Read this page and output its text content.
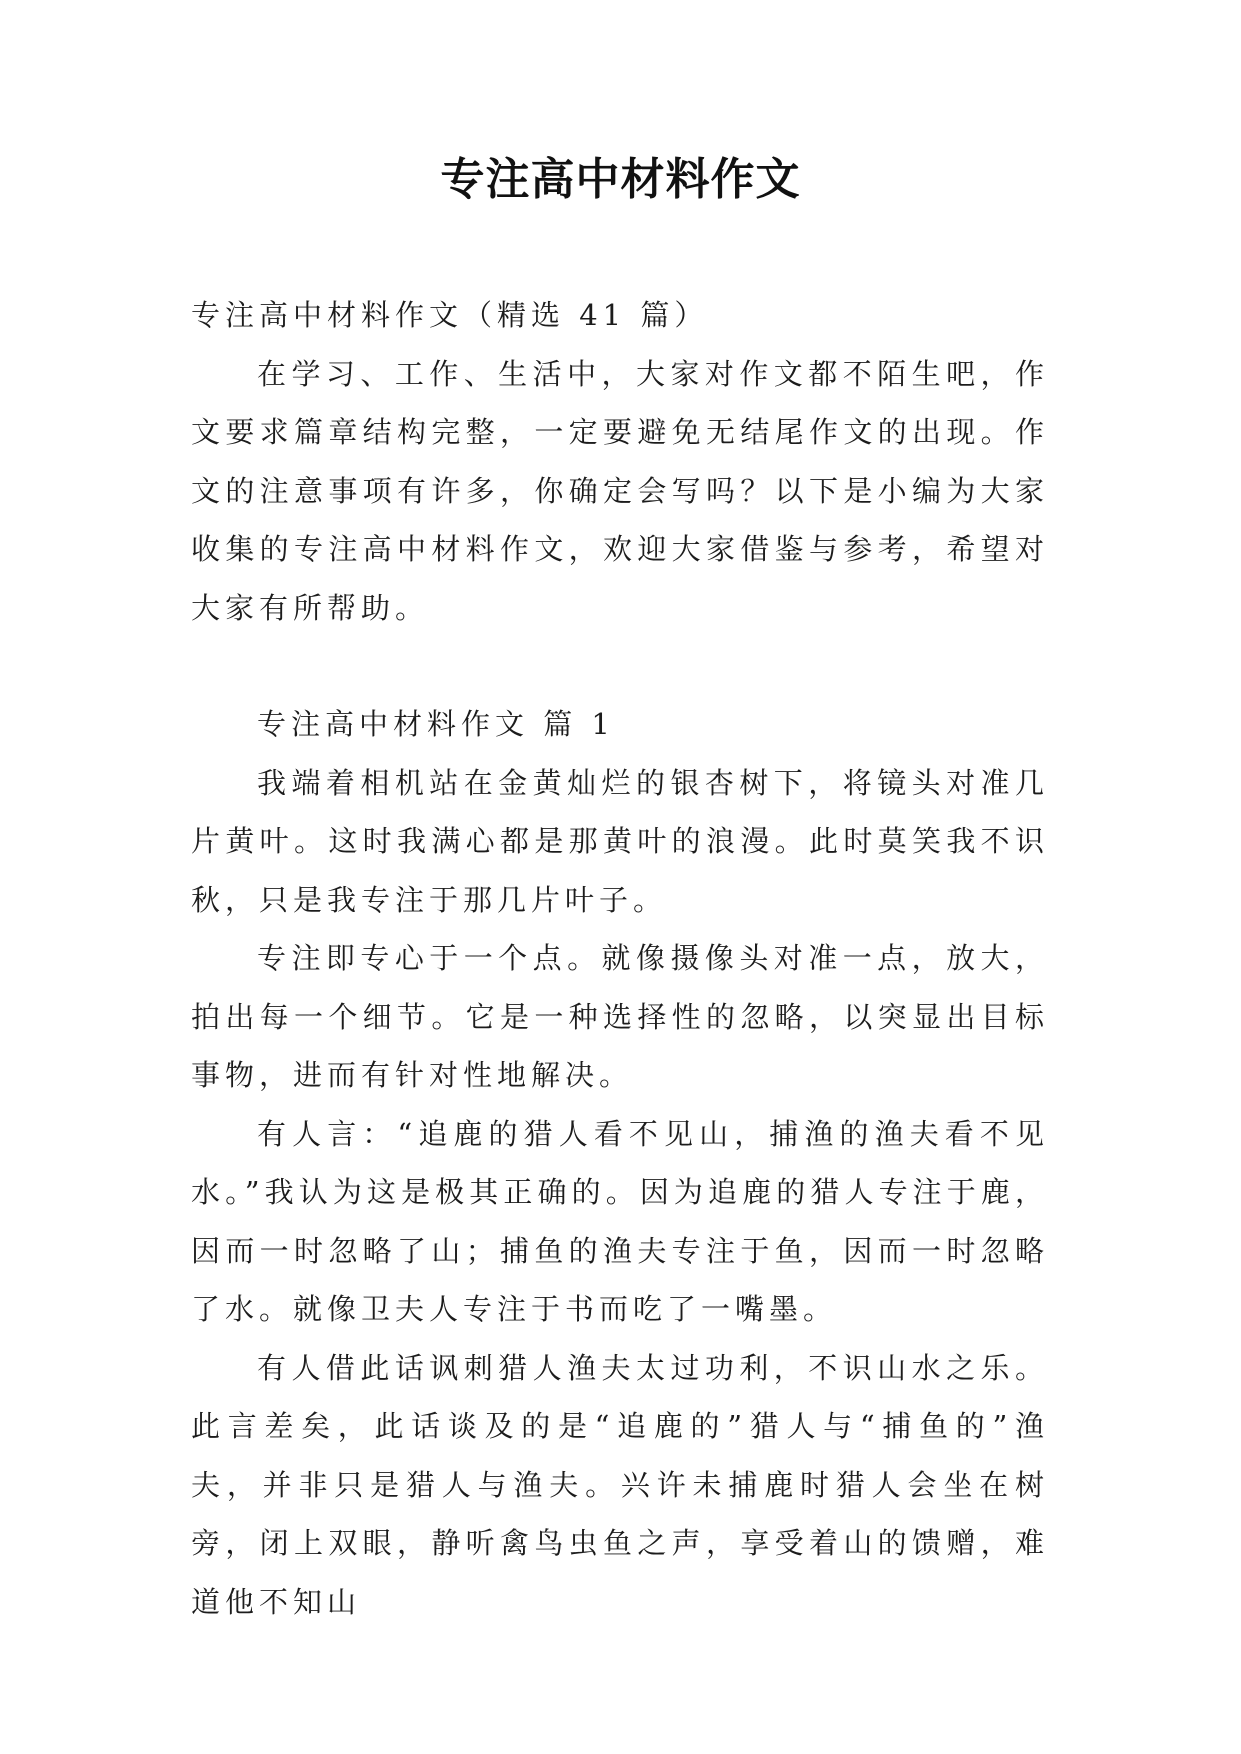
专注高中材料作文

专注高中材料作文（精选 41 篇）

在学习、工作、生活中，大家对作文都不陌生吧，作文要求篇章结构完整，一定要避免无结尾作文的出现。作文的注意事项有许多，你确定会写吗？以下是小编为大家收集的专注高中材料作文，欢迎大家借鉴与参考，希望对大家有所帮助。

专注高中材料作文 篇 1

我端着相机站在金黄灿烂的银杏树下，将镜头对准几片黄叶。这时我满心都是那黄叶的浪漫。此时莫笑我不识秋，只是我专注于那几片叶子。

专注即专心于一个点。就像摄像头对准一点，放大，拍出每一个细节。它是一种选择性的忽略，以突显出目标事物，进而有针对性地解决。

有人言：“追鹿的猎人看不见山，捕渔的渔夫看不见水。”我认为这是极其正确的。因为追鹿的猎人专注于鹿，因而一时忽略了山；捕鱼的渔夫专注于鱼，因而一时忽略了水。就像卫夫人专注于书而吃了一嘴墨。

有人借此话讽刺猎人渔夫太过功利，不识山水之乐。此言差矣，此话谈及的是“追鹿的”猎人与“捕鱼的”渔夫，并非只是猎人与渔夫。兴许未捕鹿时猎人会坐在树旁，闭上双眼，静听禽鸟虫鱼之声，享受着山的馈赠，难道他不知山
